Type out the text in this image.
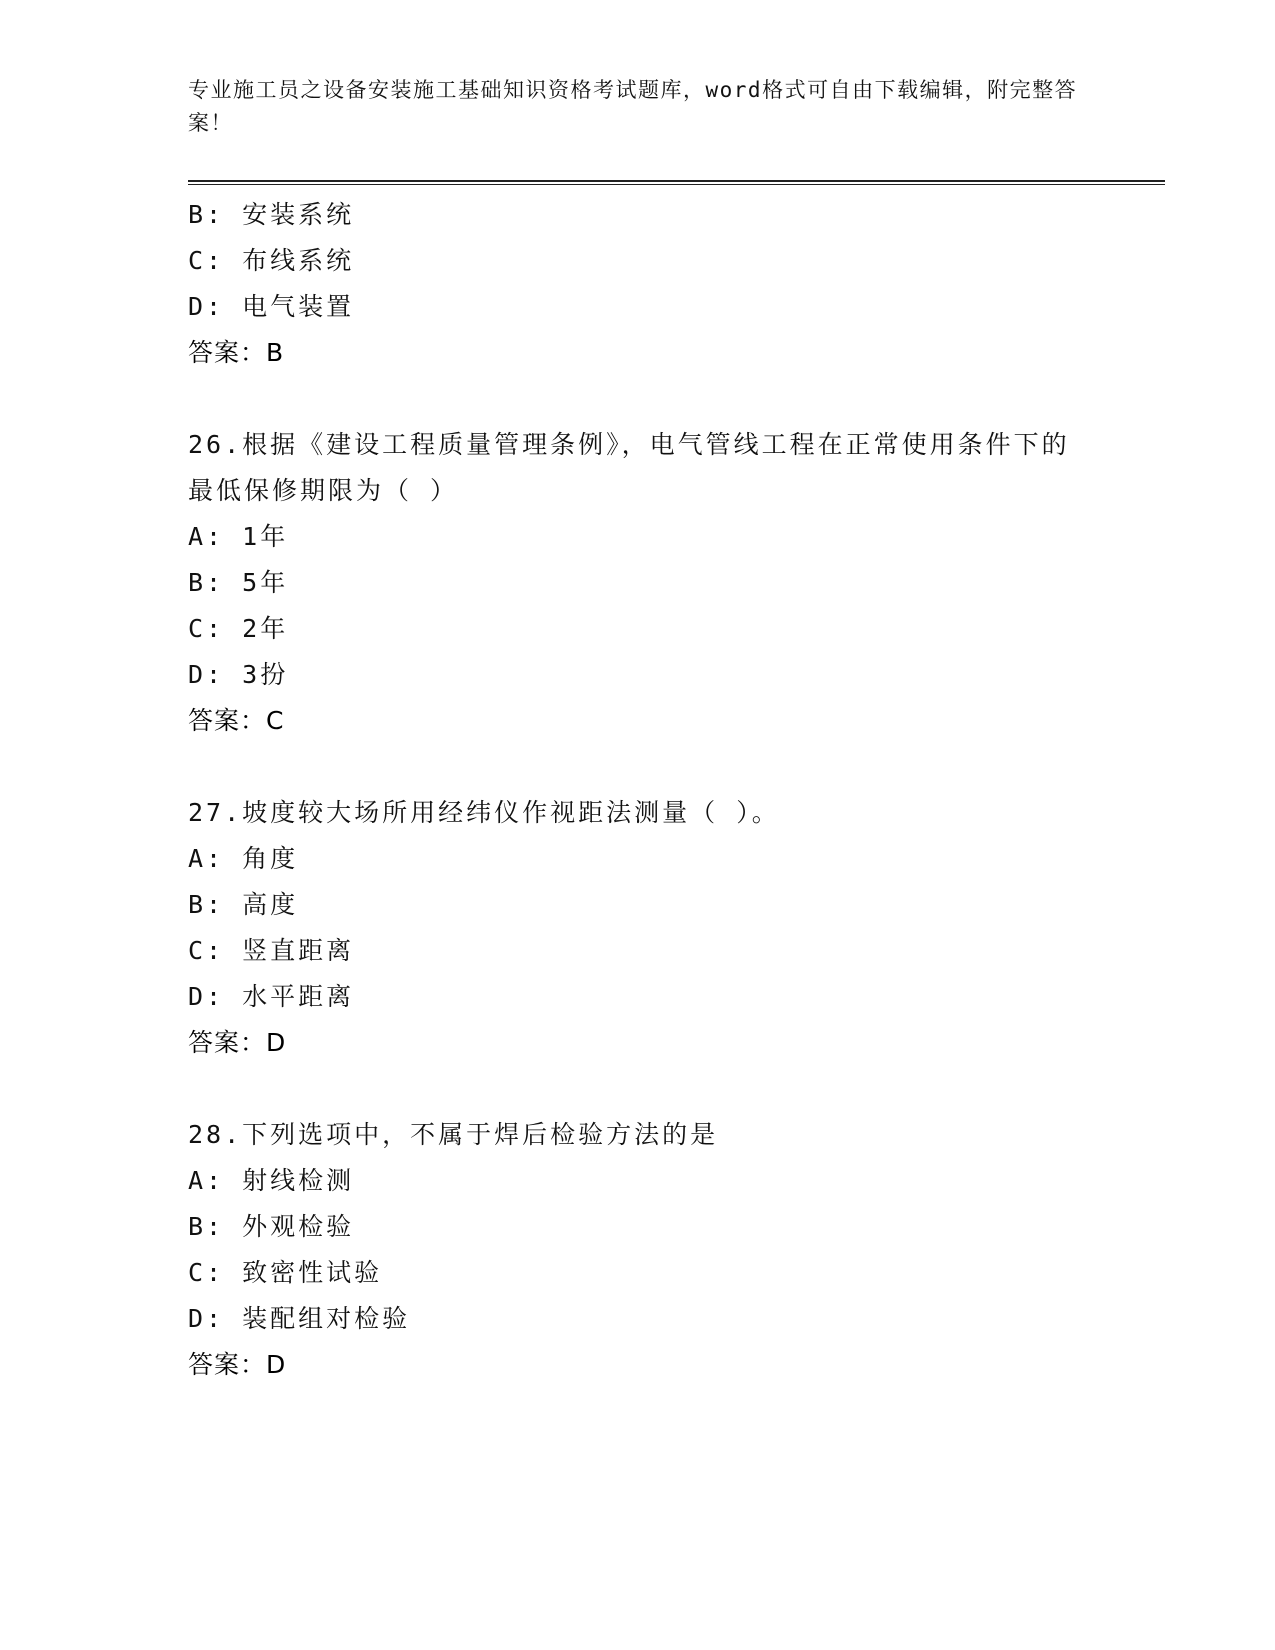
专业施工员之设备安装施工基础知识资格考试题库，word格式可自由下载编辑，附完整答案！
B: 安装系统
C: 布线系统
D: 电气装置
答案：B
26.根据《建设工程质量管理条例》，电气管线工程在正常使用条件下的最低保修期限为（ ）
A: 1年
B: 5年
C: 2年
D: 3扮
答案：C
27.坡度较大场所用经纬仪作视距法测量（ ）。
A: 角度
B: 高度
C: 竖直距离
D: 水平距离
答案：D
28.下列选项中，不属于焊后检验方法的是
A: 射线检测
B: 外观检验
C: 致密性试验
D: 装配组对检验
答案：D
